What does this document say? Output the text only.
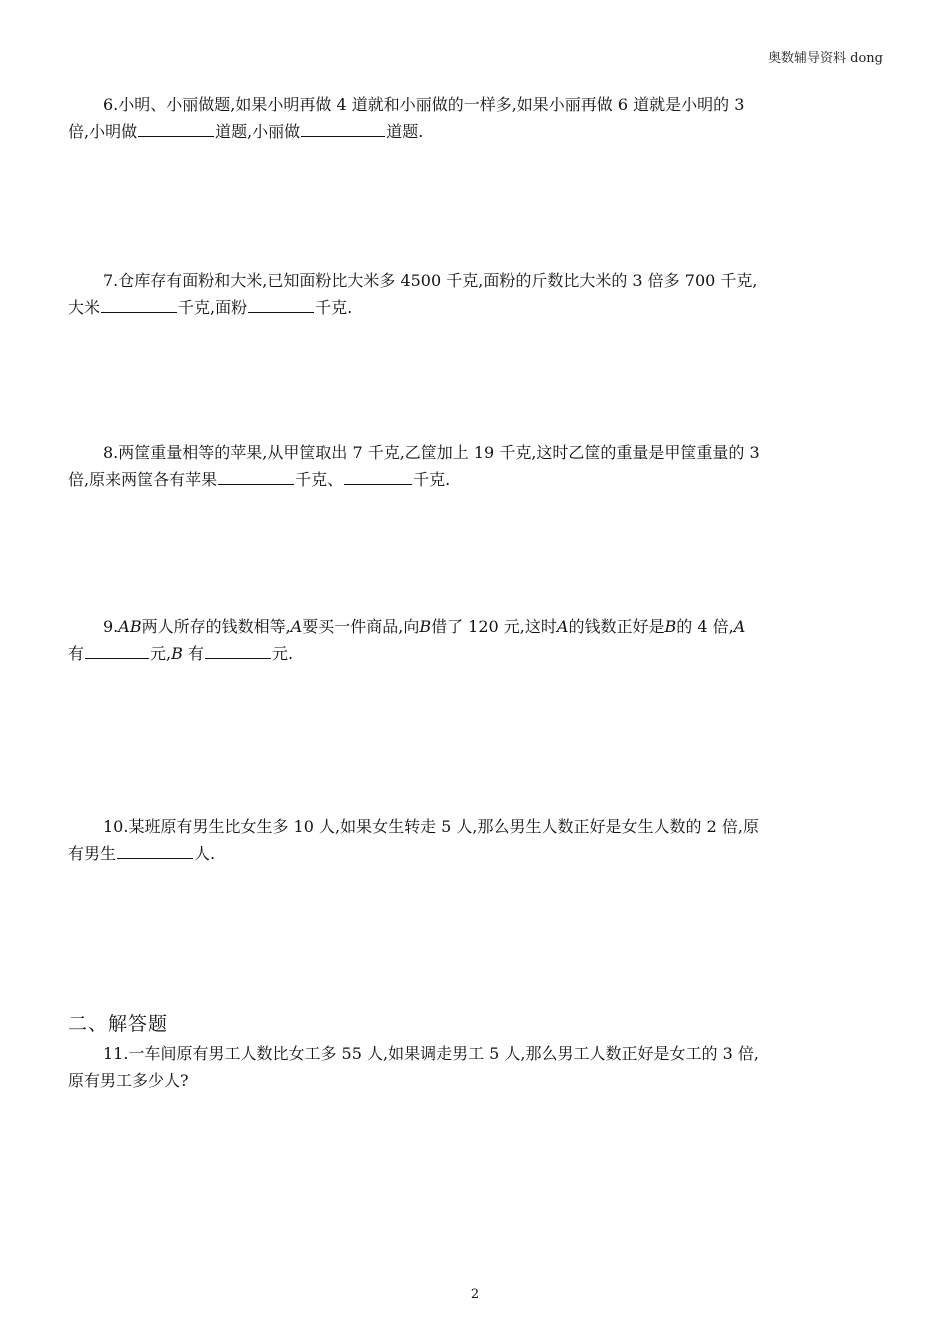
奥数辅导资料 dong
6.小明、小丽做题,如果小明再做 4 道就和小丽做的一样多,如果小丽再做 6 道就是小明的 3
倍,小明做	道题,小丽做	道题.
7.仓库存有面粉和大米,已知面粉比大米多 4500 千克,面粉的斤数比大米的 3 倍多 700 千克,
大米	千克,面粉	千克.
8.两筐重量相等的苹果,从甲筐取出 7 千克,乙筐加上 19 千克,这时乙筐的重量是甲筐重量的 3
倍,原来两筐各有苹果	千克、	千克.
9.AB两人所存的钱数相等,A要买一件商品,向B借了 120 元,这时A的钱数正好是B的 4 倍,A
有	元,B 有	元.
10.某班原有男生比女生多 10 人,如果女生转走 5 人,那么男生人数正好是女生人数的 2 倍,原
有男生	人.
二、解答题
11.一车间原有男工人数比女工多 55 人,如果调走男工 5 人,那么男工人数正好是女工的 3 倍,
原有男工多少人?
2
